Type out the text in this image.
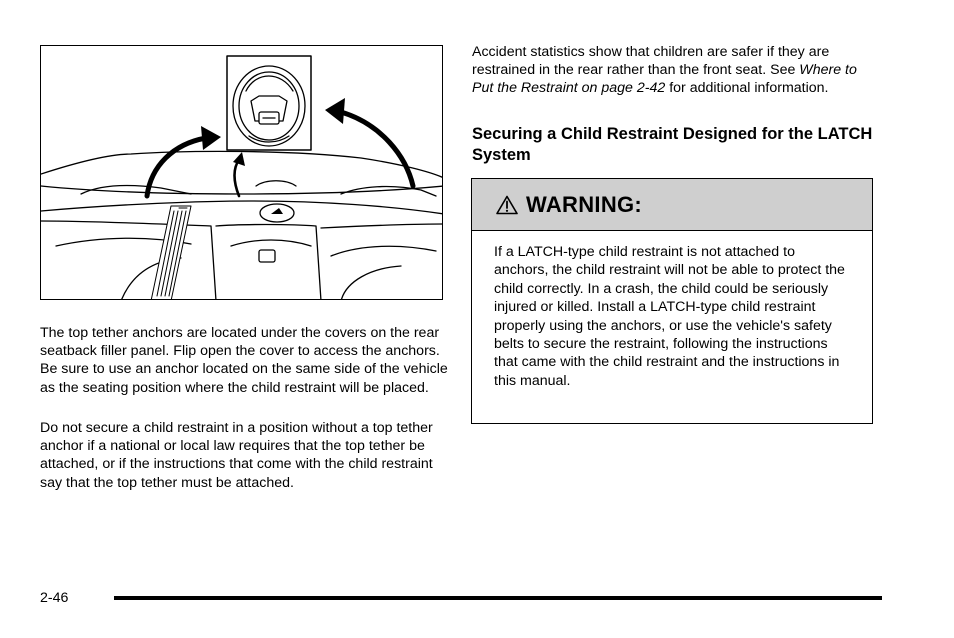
The top tether anchors are located under the covers on the rear seatback filler panel. Flip open the cover to access the anchors. Be sure to use an anchor located on the same side of the vehicle as the seating position where the child restraint will be placed.

Do not secure a child restraint in a position without a top tether anchor if a national or local law requires that the top tether be attached, or if the instructions that come with the child restraint say that the top tether must be attached.

Accident statistics show that children are safer if they are restrained in the rear rather than the front seat. See Where to Put the Restraint on page 2-42 for additional information.

Securing a Child Restraint Designed for the LATCH System
WARNING:

If a LATCH-type child restraint is not attached to anchors, the child restraint will not be able to protect the child correctly. In a crash, the child could be seriously injured or killed. Install a LATCH-type child restraint properly using the anchors, or use the vehicle's safety belts to secure the restraint, following the instructions that came with the child restraint and the instructions in this manual.

2-46
